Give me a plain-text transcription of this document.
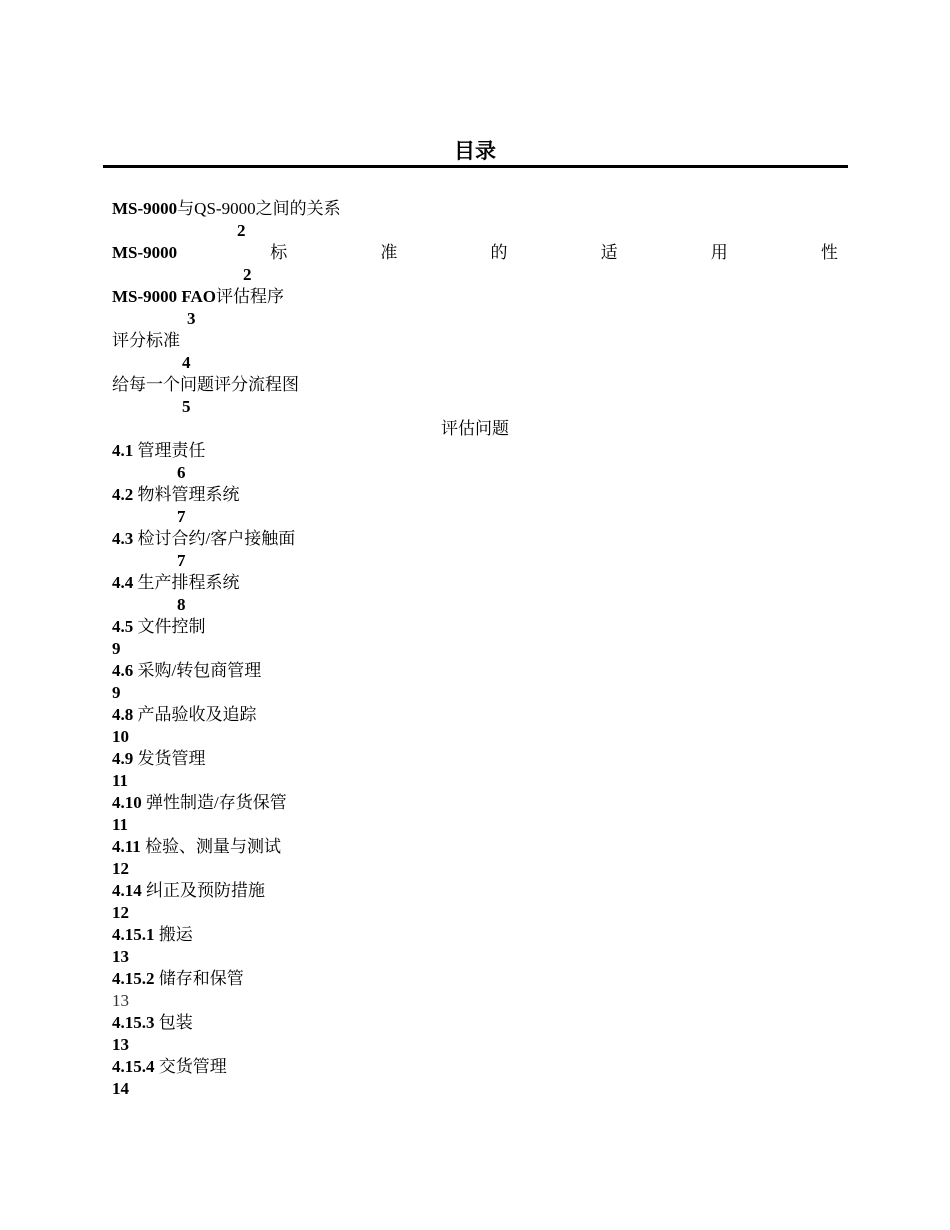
目录
MS-9000与QS-9000之间的关系
2
MS-9000	标	准	的	适	用	性
2
MS-9000 FAO评估程序
3
评分标准
4
给每一个问题评分流程图
5
评估问题
4.1 管理责任
6
4.2 物料管理系统
7
4.3 检讨合约/客户接触面
7
4.4 生产排程系统
8
4.5 文件控制
9
4.6 采购/转包商管理
9
4.8 产品验收及追踪
10
4.9 发货管理
11
4.10 弹性制造/存货保管
11
4.11 检验、测量与测试
12
4.14 纠正及预防措施
12
4.15.1 搬运
13
4.15.2 储存和保管
13
4.15.3 包装
13
4.15.4 交货管理
14
